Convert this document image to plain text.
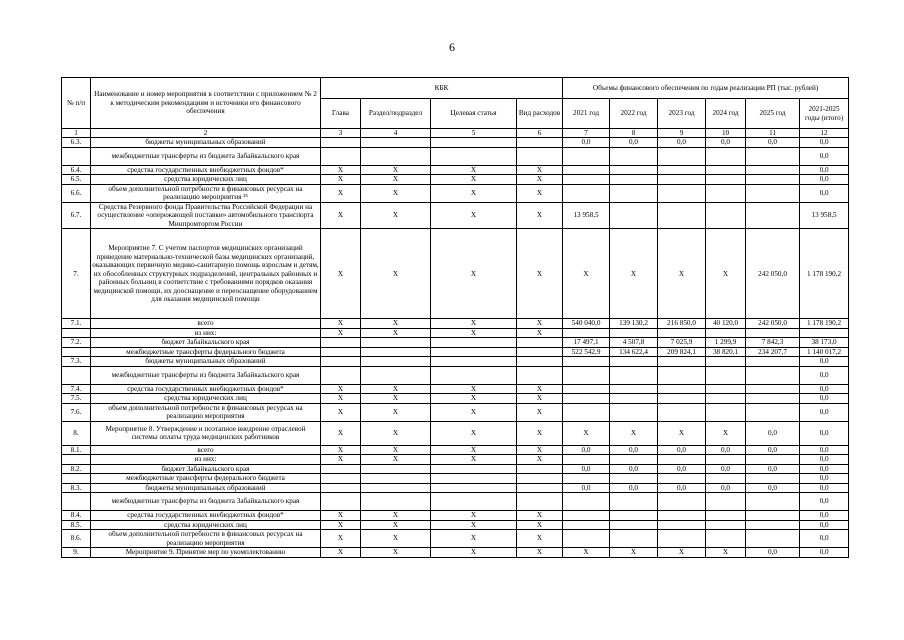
6
№ п/п	Наименование и номер мероприятия в соответствии с приложением № 2 к методическим рекомендациям и источники его финансового обеспечения	КБК				Объемы финансового обеспечения по годам реализации РП (тыс. рублей)					
		Глава	Раздел/подраздел	Целевая статья	Вид расходов	2021 год	2022 год	2023 год	2024 год	2025 год	2021-2025 годы (итого)
1	2	3	4	5	6	7	8	9	10	11	12
6.3.	бюджеты муниципальных образований					0,0	0,0	0,0	0,0	0,0	0,0
	межбюджетные трансферты из бюджета Забайкальского края										0,0
6.4.	средства государственных внебюджетных фондов*	X	X	X	X						0,0
6.5.	средства юридических лиц	X	X	X	X						0,0
6.6.	объем дополнительной потребности в финансовых ресурсах на реализацию мероприятия ²⁵	X	X	X	X						0,0
6.7.	Средства Резервного фонда Правительства Российской Федерации на осуществление «опережающей поставки» автомобильного транспорта Минпромторгом России	X	X	X	X	13 958,5					13 958,5
7.	Мероприятие 7. С учетом паспортов медицинских организаций приведение материально-технической базы медицинских организаций, оказывающих первичную медико-санитарную помощь взрослым и детям, их обособленных структурных подразделений, центральных районных и районных больниц в соответствие с требованиями порядков оказания медицинской помощи, их дооснащение и переоснащение оборудованием для оказания медицинской помощи	X	X	X	X	X	X	X	X	242 050,0	1 178 190,2
7.1.	всего	X	X	X	X	540 040,0	139 130,2	216 850,0	40 120,0	242 050,0	1 178 190,2
	из них:	X	X	X	X						
7.2.	бюджет Забайкальского края					17 497,1	4 507,8	7 025,9	1 299,9	7 842,3	38 173,0
	межбюджетные трансферты федерального бюджета					522 542,9	134 622,4	209 824,1	38 820,1	234 207,7	1 140 017,2
7.3.	бюджеты муниципальных образований										0,0
	межбюджетные трансферты из бюджета Забайкальского края										0,0
7.4.	средства государственных внебюджетных фондов*	X	X	X	X						0,0
7.5.	средства юридических лиц	X	X	X	X						0,0
7.6.	объем дополнительной потребности в финансовых ресурсах на реализацию мероприятия	X	X	X	X						0,0
8.	Мероприятие 8. Утверждение и поэтапное внедрение отраслевой системы оплаты труда медицинских работников	X	X	X	X	X	X	X	X	0,0	0,0
8.1.	всего	X	X	X	X	0,0	0,0	0,0	0,0	0,0	0,0
	из них:	X	X	X	X						0,0
8.2.	бюджет Забайкальского края					0,0	0,0	0,0	0,0	0,0	0,0
	межбюджетные трансферты федерального бюджета										0,0
8.3.	бюджеты муниципальных образований					0,0	0,0	0,0	0,0	0,0	0,0
	межбюджетные трансферты из бюджета Забайкальского края										0,0
8.4.	средства государственных внебюджетных фондов*	X	X	X	X						0,0
8.5.	средства юридических лиц	X	X	X	X						0,0
8.6.	объем дополнительной потребности в финансовых ресурсах на реализацию мероприятия	X	X	X	X						0,0
9.	Мероприятие 9. Принятие мер по укомплектованию	X	X	X	X	X	X	X	X	0,0	0,0
